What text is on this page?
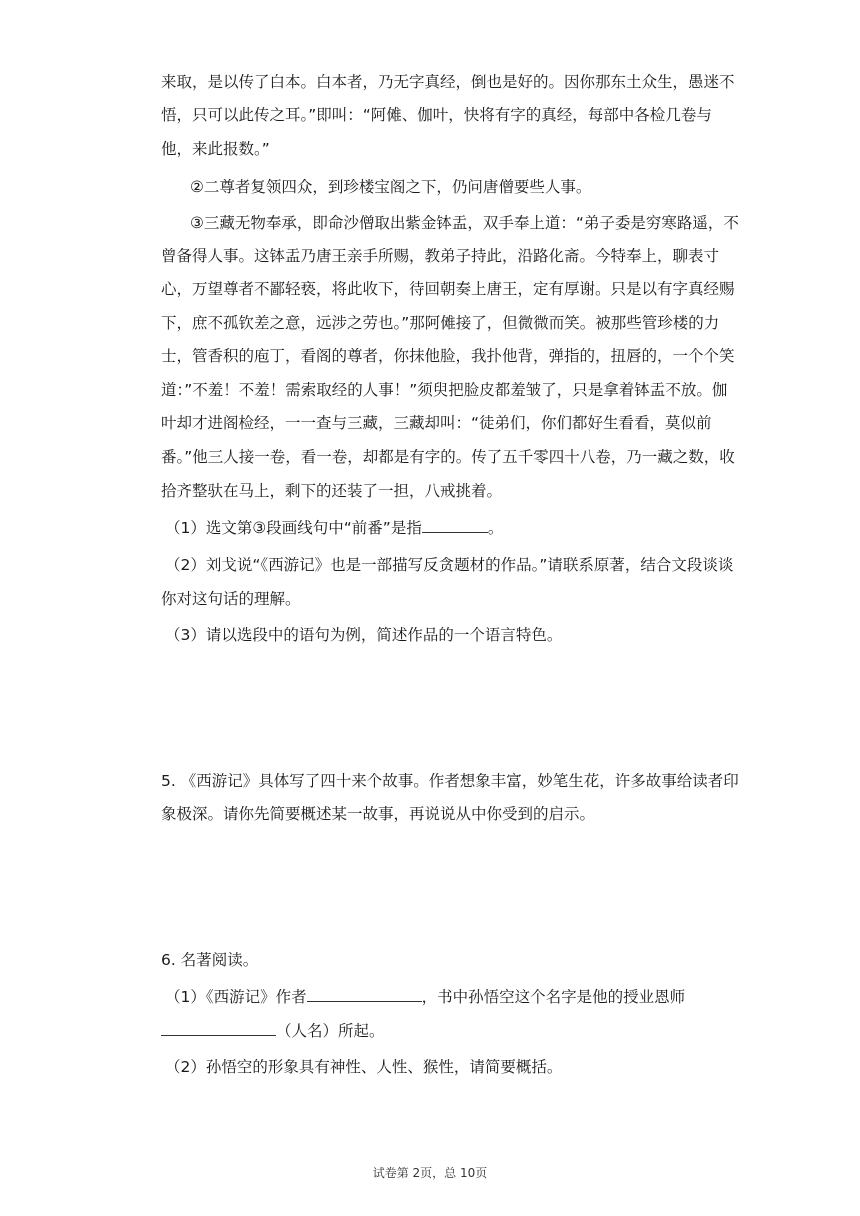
来取，是以传了白本。白本者，乃无字真经，倒也是好的。因你那东土众生，愚迷不
悟，只可以此传之耳。”即叫：“阿傩、伽叶，快将有字的真经，每部中各检几卷与
他，来此报数。”
②二尊者复领四众，到珍楼宝阁之下，仍问唐僧要些人事。
③三藏无物奉承，即命沙僧取出紫金钵盂，双手奉上道：“弟子委是穷寒路遥，不
曾备得人事。这钵盂乃唐王亲手所赐，教弟子持此，沿路化斋。今特奉上，聊表寸
心，万望尊者不鄙轻亵，将此收下，待回朝奏上唐王，定有厚谢。只是以有字真经赐
下，庶不孤钦差之意，远涉之劳也。”那阿傩接了，但微微而笑。被那些管珍楼的力
士，管香积的庖丁，看阁的尊者，你抹他脸，我扑他背，弹指的，扭唇的，一个个笑
道：”不羞！不羞！需索取经的人事！”须臾把脸皮都羞皱了，只是拿着钵盂不放。伽
叶却才进阁检经，一一查与三藏，三藏却叫：“徒弟们，你们都好生看看，莫似前
番。”他三人接一卷，看一卷，却都是有字的。传了五千零四十八卷，乃一藏之数，收
拾齐整驮在马上，剩下的还装了一担，八戒挑着。
（1）选文第③段画线句中“前番”是指	。
（2）刘戈说“《西游记》也是一部描写反贪题材的作品。”请联系原著，结合文段谈谈
你对这句话的理解。
（3）请以选段中的语句为例，简述作品的一个语言特色。
5. 《西游记》具体写了四十来个故事。作者想象丰富，妙笔生花，许多故事给读者印
象极深。请你先简要概述某一故事，再说说从中你受到的启示。
6. 名著阅读。
（1）《西游记》作者	，书中孙悟空这个名字是他的授业恩师
（人名）所起。
（2）孙悟空的形象具有神性、人性、猴性，请简要概括。
试卷第 2页，总 10页
